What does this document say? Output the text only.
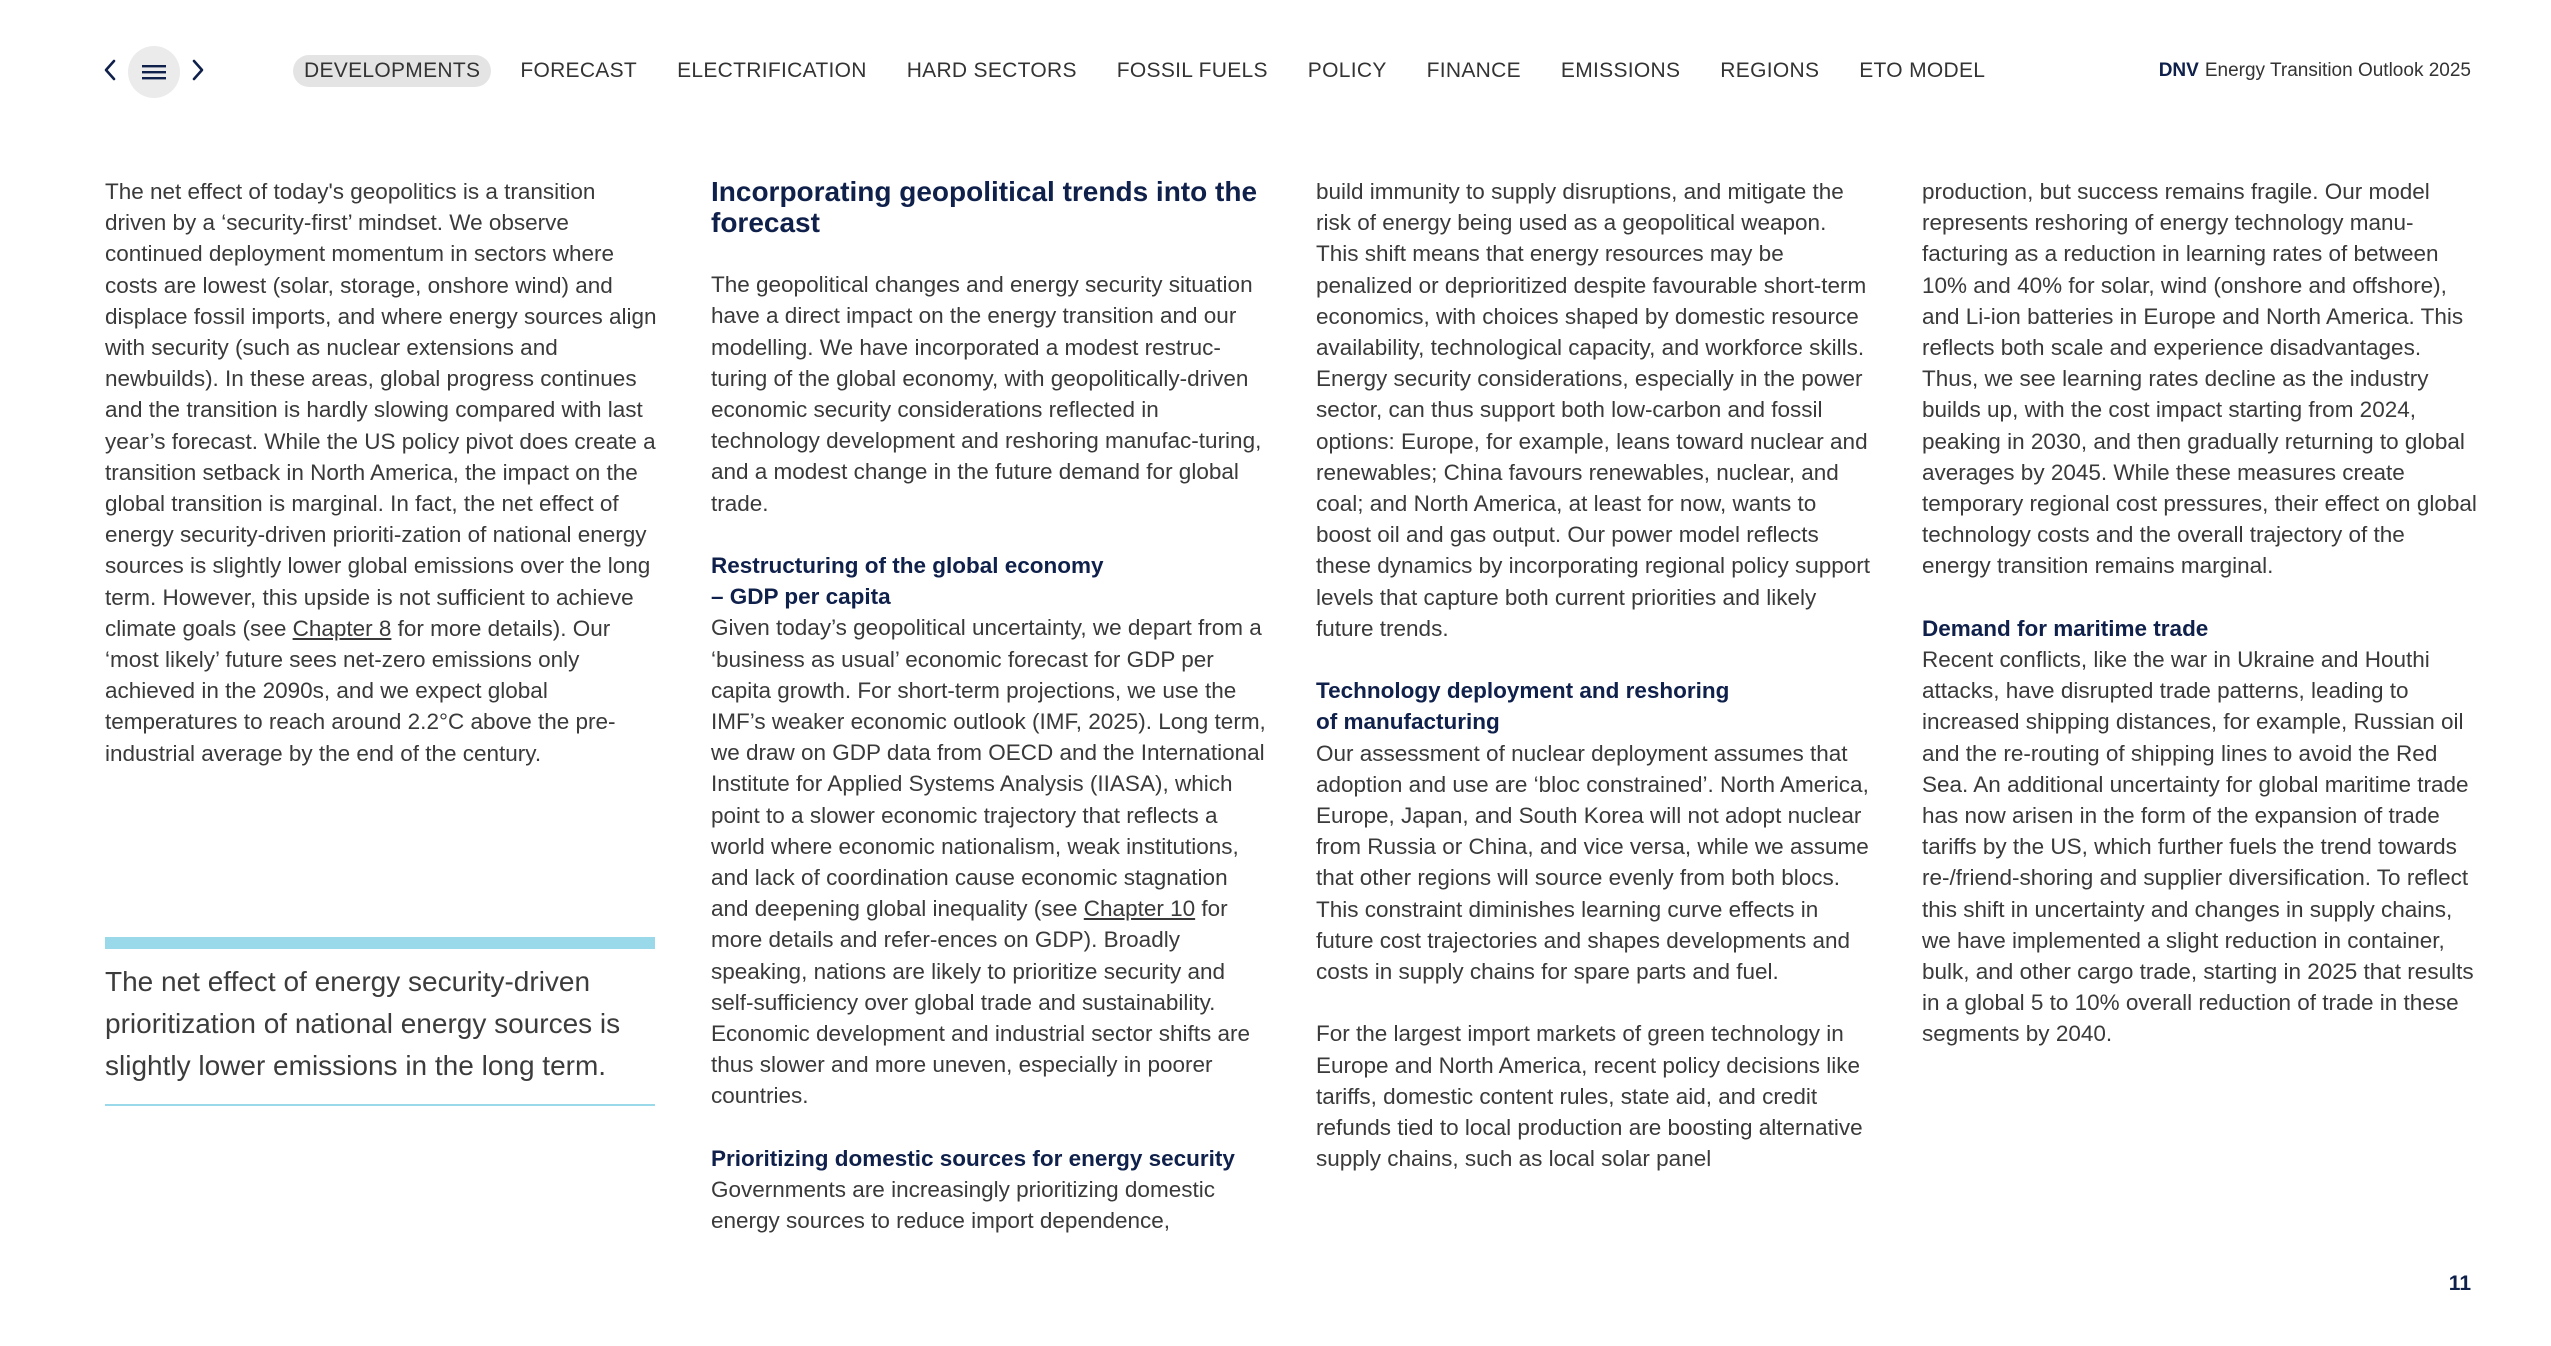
DEVELOPMENTS	FORECAST	ELECTRIFICATION	HARD SECTORS	FOSSIL FUELS	POLICY	FINANCE	EMISSIONS	REGIONS	ETO MODEL	DNV Energy Transition Outlook 2025

The net effect of today's geopolitics is a transition driven by a ‘security-first’ mindset. We observe continued deployment momentum in sectors where costs are lowest (solar, storage, onshore wind) and displace fossil imports, and where energy sources align with security (such as nuclear extensions and newbuilds). In these areas, global progress continues and the transition is hardly slowing compared with last year’s forecast. While the US policy pivot does create a transition setback in North America, the impact on the global transition is marginal. In fact, the net effect of energy security-driven prioriti-zation of national energy sources is slightly lower global emissions over the long term. However, this upside is not sufficient to achieve climate goals (see Chapter 8 for more details). Our ‘most likely’ future sees net-zero emissions only achieved in the 2090s, and we expect global temperatures to reach around 2.2°C above the pre-industrial average by the end of the century.

The net effect of energy security-driven prioritization of national energy sources is slightly lower emissions in the long term.

Incorporating geopolitical trends into the forecast

The geopolitical changes and energy security situation have a direct impact on the energy transition and our modelling. We have incorporated a modest restruc-turing of the global economy, with geopolitically-driven economic security considerations reflected in technology development and reshoring manufac-turing, and a modest change in the future demand for global trade.

Restructuring of the global economy
– GDP per capita

Given today’s geopolitical uncertainty, we depart from a ‘business as usual’ economic forecast for GDP per capita growth. For short-term projections, we use the IMF’s weaker economic outlook (IMF, 2025). Long term, we draw on GDP data from OECD and the International Institute for Applied Systems Analysis (IIASA), which point to a slower economic trajectory that reflects a world where economic nationalism, weak institutions, and lack of coordination cause economic stagnation and deepening global inequality (see Chapter 10 for more details and refer-ences on GDP). Broadly speaking, nations are likely to prioritize security and self-sufficiency over global trade and sustainability. Economic development and industrial sector shifts are thus slower and more uneven, especially in poorer countries.

Prioritizing domestic sources for energy security

Governments are increasingly prioritizing domestic energy sources to reduce import dependence,

build immunity to supply disruptions, and mitigate the risk of energy being used as a geopolitical weapon. This shift means that energy resources may be penalized or deprioritized despite favourable short-term economics, with choices shaped by domestic resource availability, technological capacity, and workforce skills. Energy security considerations, especially in the power sector, can thus support both low-carbon and fossil options: Europe, for example, leans toward nuclear and renewables; China favours renewables, nuclear, and coal; and North America, at least for now, wants to boost oil and gas output. Our power model reflects these dynamics by incorporating regional policy support levels that capture both current priorities and likely future trends.

Technology deployment and reshoring
of manufacturing

Our assessment of nuclear deployment assumes that adoption and use are ‘bloc constrained’. North America, Europe, Japan, and South Korea will not adopt nuclear from Russia or China, and vice versa, while we assume that other regions will source evenly from both blocs. This constraint diminishes learning curve effects in future cost trajectories and shapes developments and costs in supply chains for spare parts and fuel.

For the largest import markets of green technology in Europe and North America, recent policy decisions like tariffs, domestic content rules, state aid, and credit refunds tied to local production are boosting alternative supply chains, such as local solar panel

production, but success remains fragile. Our model represents reshoring of energy technology manu-facturing as a reduction in learning rates of between 10% and 40% for solar, wind (onshore and offshore), and Li-ion batteries in Europe and North America. This reflects both scale and experience disadvantages. Thus, we see learning rates decline as the industry builds up, with the cost impact starting from 2024, peaking in 2030, and then gradually returning to global averages by 2045. While these measures create temporary regional cost pressures, their effect on global technology costs and the overall trajectory of the energy transition remains marginal.

Demand for maritime trade

Recent conflicts, like the war in Ukraine and Houthi attacks, have disrupted trade patterns, leading to increased shipping distances, for example, Russian oil and the re-routing of shipping lines to avoid the Red Sea. An additional uncertainty for global maritime trade has now arisen in the form of the expansion of trade tariffs by the US, which further fuels the trend towards re-/friend-shoring and supplier diversification. To reflect this shift in uncertainty and changes in supply chains, we have implemented a slight reduction in container, bulk, and other cargo trade, starting in 2025 that results in a global 5 to 10% overall reduction of trade in these segments by 2040.

11
